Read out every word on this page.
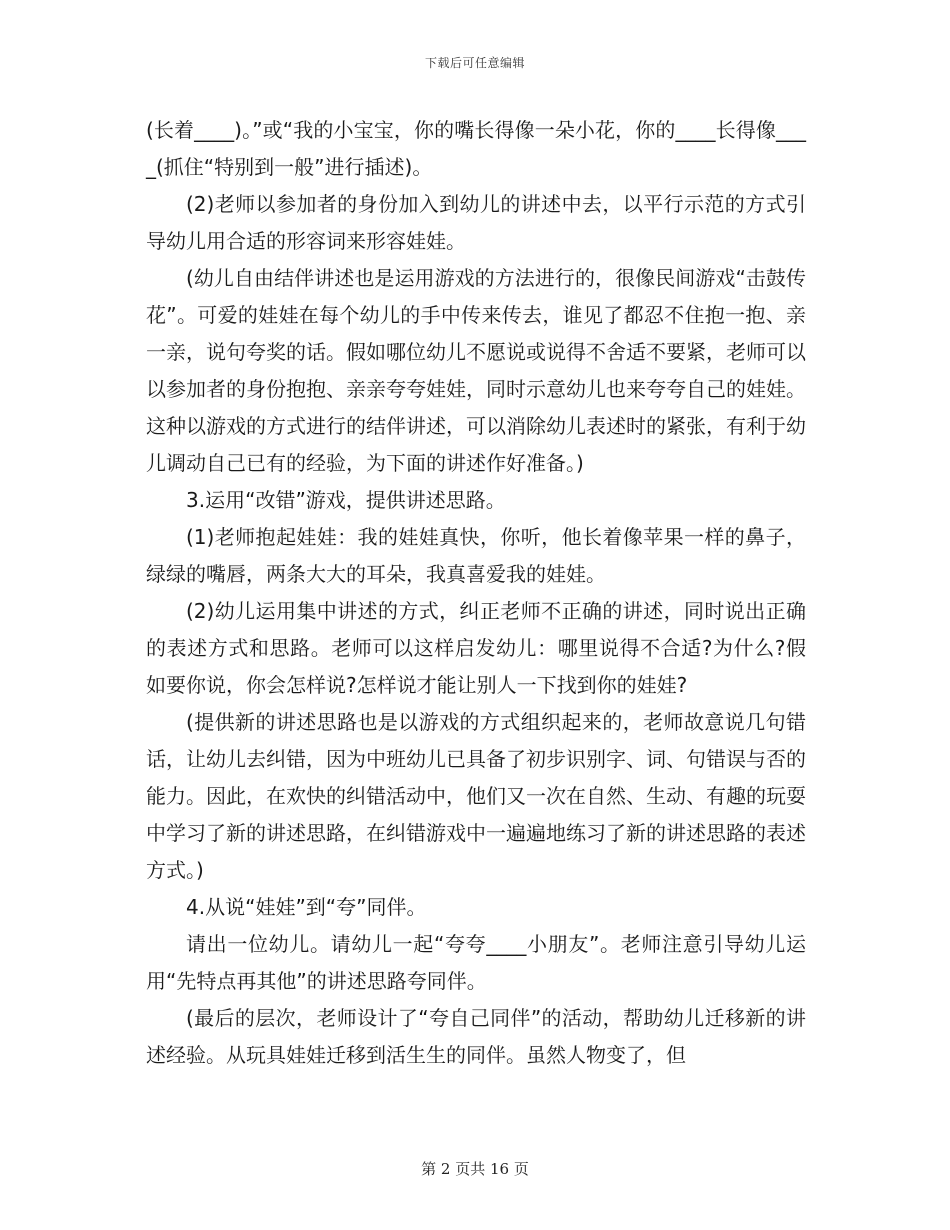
下载后可任意编辑

(长着____)。”或“我的小宝宝，你的嘴长得像一朵小花，你的____长得像____(抓住“特别到一般”进行插述)。

(2)老师以参加者的身份加入到幼儿的讲述中去，以平行示范的方式引导幼儿用合适的形容词来形容娃娃。

(幼儿自由结伴讲述也是运用游戏的方法进行的，很像民间游戏“击鼓传花”。可爱的娃娃在每个幼儿的手中传来传去，谁见了都忍不住抱一抱、亲一亲，说句夸奖的话。假如哪位幼儿不愿说或说得不舍适不要紧，老师可以以参加者的身份抱抱、亲亲夸夸娃娃，同时示意幼儿也来夸夸自己的娃娃。这种以游戏的方式进行的结伴讲述，可以消除幼儿表述时的紧张，有利于幼儿调动自己已有的经验，为下面的讲述作好准备。)

3.运用“改错”游戏，提供讲述思路。

(1)老师抱起娃娃：我的娃娃真快，你听，他长着像苹果一样的鼻子，绿绿的嘴唇，两条大大的耳朵，我真喜爱我的娃娃。

(2)幼儿运用集中讲述的方式，纠正老师不正确的讲述，同时说出正确的表述方式和思路。老师可以这样启发幼儿：哪里说得不合适?为什么?假如要你说，你会怎样说?怎样说才能让别人一下找到你的娃娃?

(提供新的讲述思路也是以游戏的方式组织起来的，老师故意说几句错话，让幼儿去纠错，因为中班幼儿已具备了初步识别字、词、句错误与否的能力。因此，在欢快的纠错活动中，他们又一次在自然、生动、有趣的玩耍中学习了新的讲述思路，在纠错游戏中一遍遍地练习了新的讲述思路的表述方式。)

4.从说“娃娃”到“夸”同伴。

请出一位幼儿。请幼儿一起“夸夸____小朋友”。老师注意引导幼儿运用“先特点再其他”的讲述思路夸同伴。

(最后的层次，老师设计了“夸自己同伴”的活动，帮助幼儿迁移新的讲述经验。从玩具娃娃迁移到活生生的同伴。虽然人物变了，但

第 2 页共 16 页
